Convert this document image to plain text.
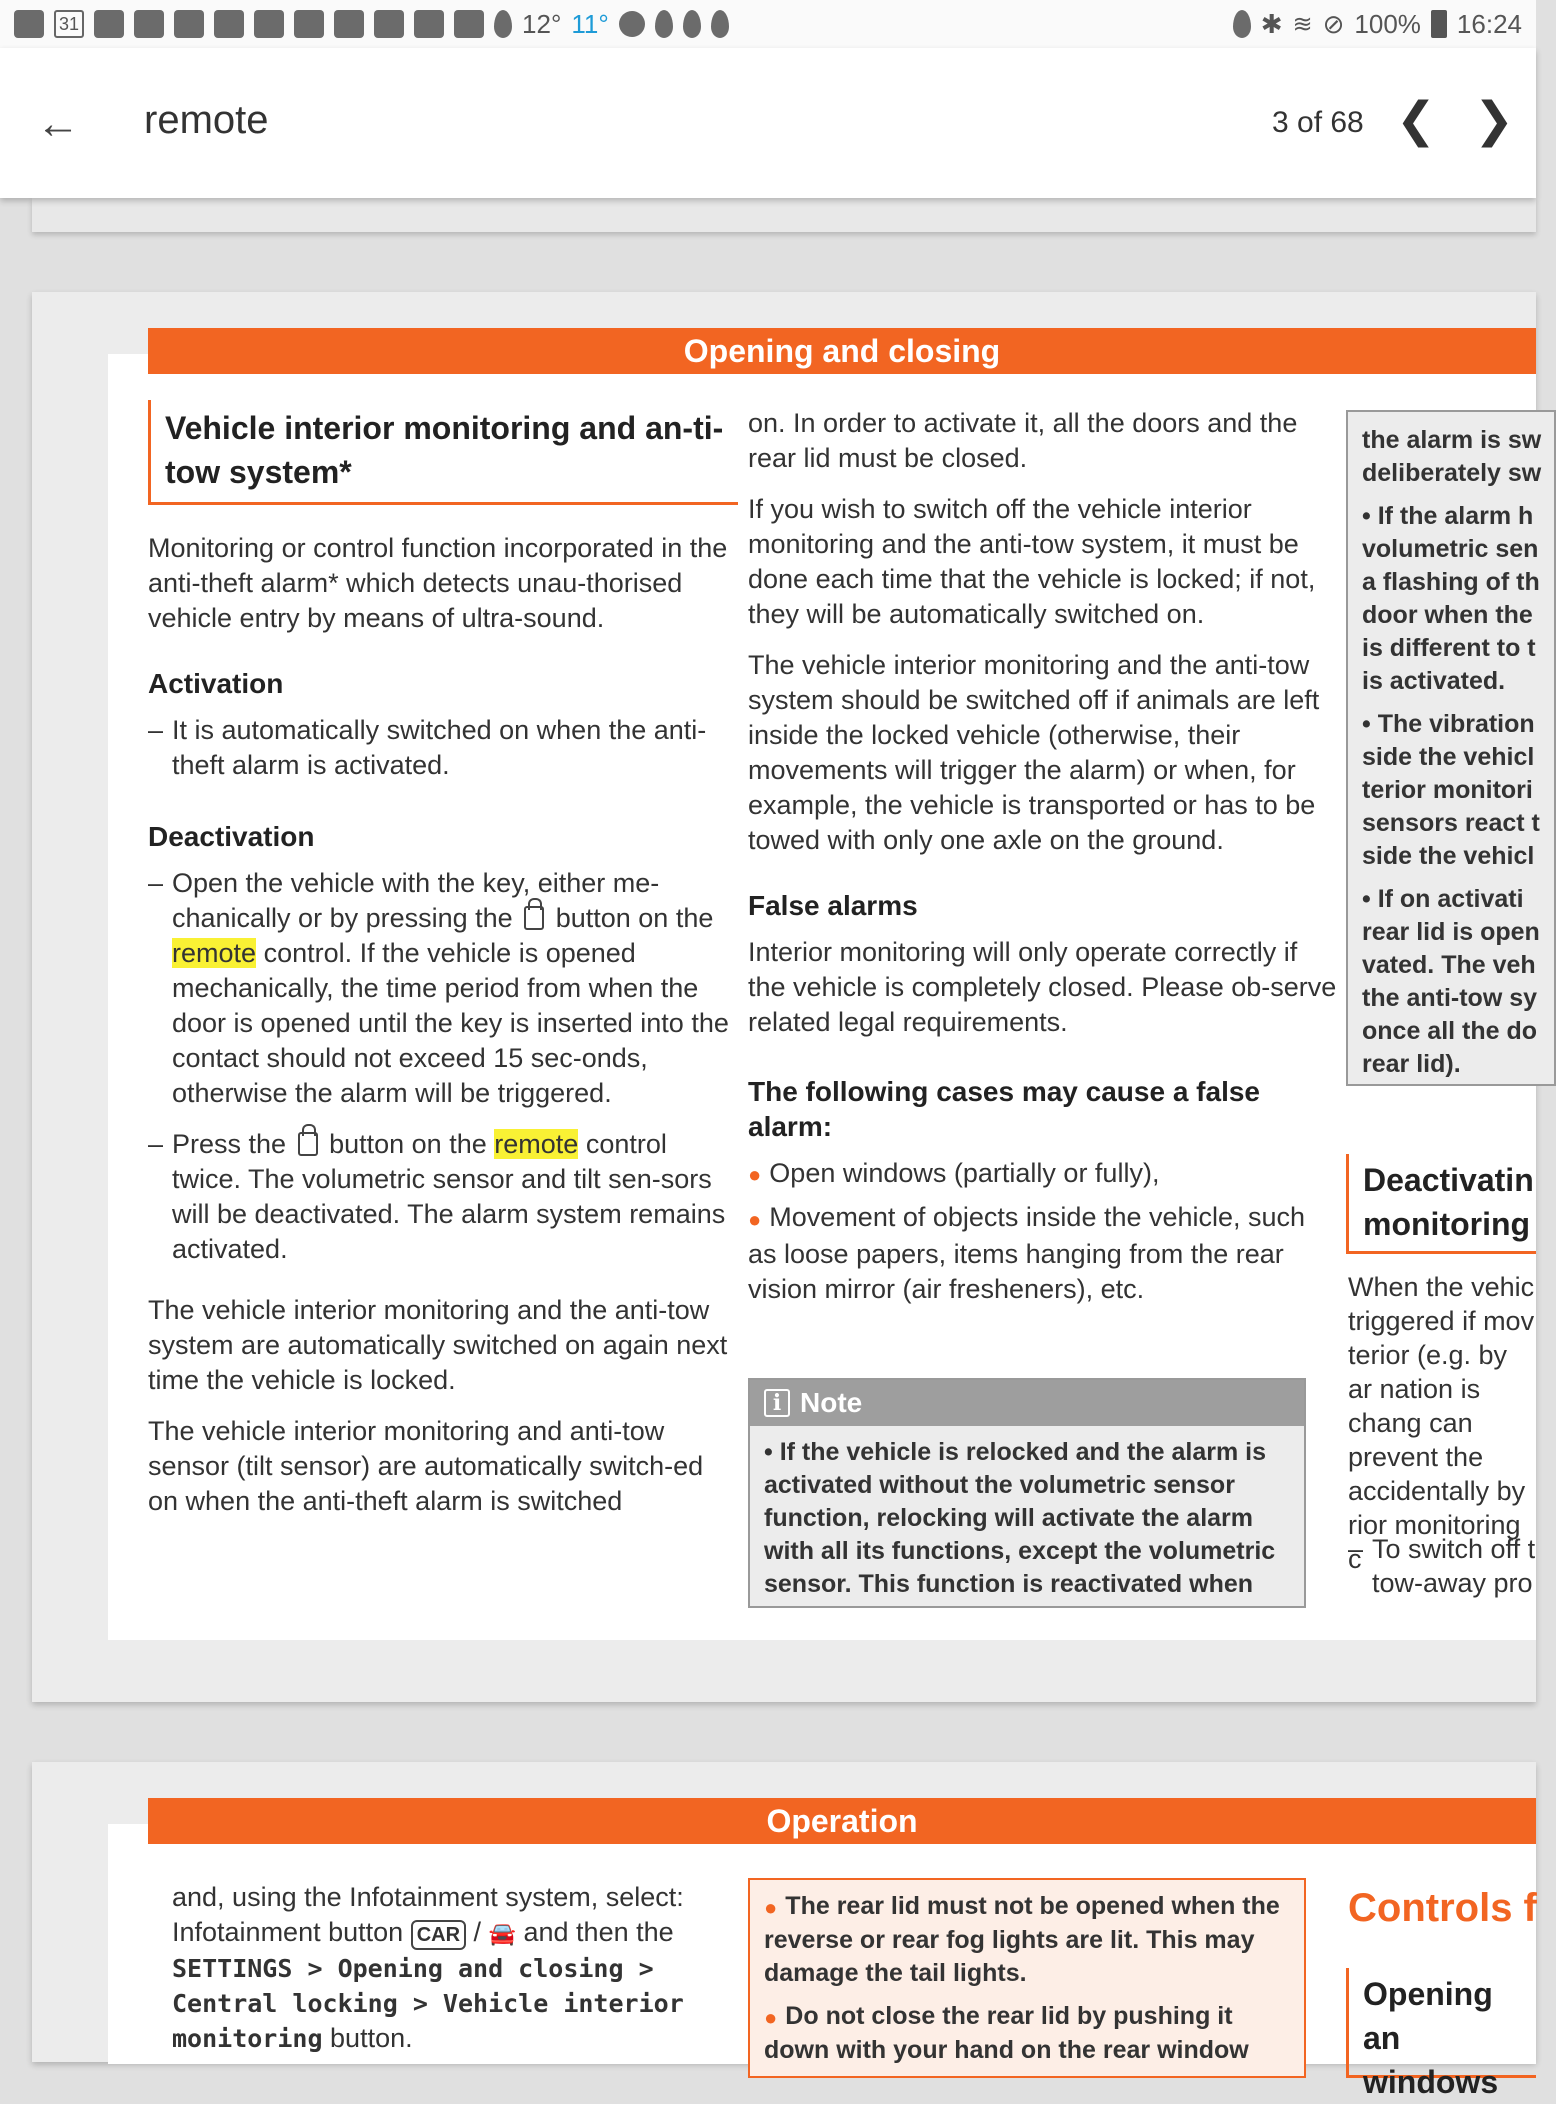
31	12° 11°	✱ ≋ ⊘ 100% 16:24
← remote	3 of 68 ❮ ❯
Opening and closing
Vehicle interior monitoring and an-ti-tow system*

Monitoring or control function incorporated in the anti-theft alarm* which detects unau-thorised vehicle entry by means of ultra-sound.

Activation
– It is automatically switched on when the anti-theft alarm is activated.
Deactivation
– Open the vehicle with the key, either me-chanically or by pressing the button on the remote control. If the vehicle is opened mechanically, the time period from when the door is opened until the key is inserted into the contact should not exceed 15 sec-onds, otherwise the alarm will be triggered.
– Press the button on the remote control twice. The volumetric sensor and tilt sen-sors will be deactivated. The alarm system remains activated.

The vehicle interior monitoring and the anti-tow system are automatically switched on again next time the vehicle is locked.

The vehicle interior monitoring and anti-tow sensor (tilt sensor) are automatically switch-ed on when the anti-theft alarm is switched

on. In order to activate it, all the doors and the rear lid must be closed.

If you wish to switch off the vehicle interior monitoring and the anti-tow system, it must be done each time that the vehicle is locked; if not, they will be automatically switched on.

The vehicle interior monitoring and the anti-tow system should be switched off if animals are left inside the locked vehicle (otherwise, their movements will trigger the alarm) or when, for example, the vehicle is transported or has to be towed with only one axle on the ground.

False alarms

Interior monitoring will only operate correctly if the vehicle is completely closed. Please ob-serve related legal requirements.

The following cases may cause a false alarm:
● Open windows (partially or fully),
● Movement of objects inside the vehicle, such as loose papers, items hanging from the rear vision mirror (air fresheners), etc.
i Note
• If the vehicle is relocked and the alarm is activated without the volumetric sensor function, relocking will activate the alarm with all its functions, except the volumetric sensor. This function is reactivated when

the alarm is sw deliberately sw

• If the alarm h volumetric sen a flashing of th door when the is different to t is activated.

• The vibration side the vehicl terior monitori sensors react t side the vehicl

• If on activati rear lid is open vated. The veh the anti-tow sy once all the do rear lid).

Deactivatin monitoring
When the vehic triggered if mov terior (e.g. by ar nation is chang can prevent the accidentally by rior monitoring c
– To switch off t tow-away pro
Operation
and, using the Infotainment system, select:
Infotainment button CAR / 🚘 and then the
SETTINGS > Opening and closing > Central locking > Vehicle interior monitoring button.
● The rear lid must not be opened when the reverse or rear fog lights are lit. This may damage the tail lights.
● Do not close the rear lid by pushing it down with your hand on the rear window
Controls f
Opening an windows
